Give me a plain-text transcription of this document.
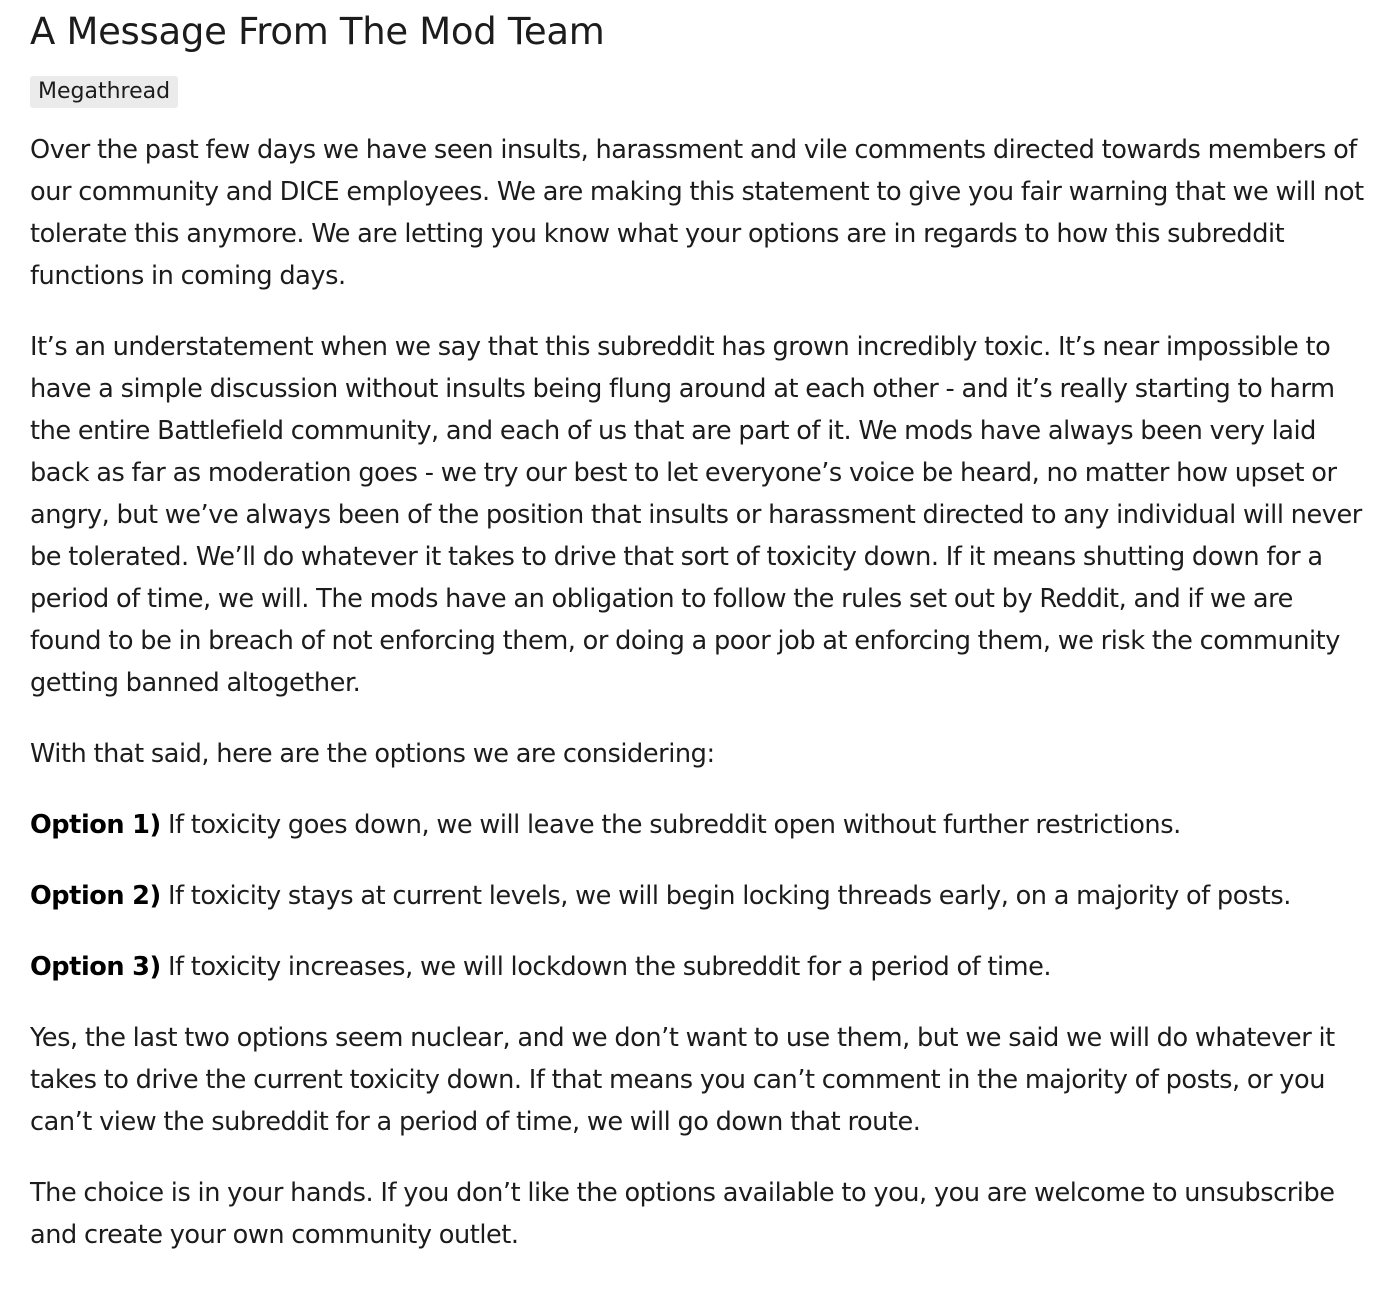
A Message From The Mod Team
Megathread

Over the past few days we have seen insults, harassment and vile comments directed towards members of our community and DICE employees. We are making this statement to give you fair warning that we will not tolerate this anymore. We are letting you know what your options are in regards to how this subreddit functions in coming days.

It’s an understatement when we say that this subreddit has grown incredibly toxic. It’s near impossible to have a simple discussion without insults being flung around at each other - and it’s really starting to harm the entire Battlefield community, and each of us that are part of it. We mods have always been very laid back as far as moderation goes - we try our best to let everyone’s voice be heard, no matter how upset or angry, but we’ve always been of the position that insults or harassment directed to any individual will never be tolerated. We’ll do whatever it takes to drive that sort of toxicity down. If it means shutting down for a period of time, we will. The mods have an obligation to follow the rules set out by Reddit, and if we are found to be in breach of not enforcing them, or doing a poor job at enforcing them, we risk the community getting banned altogether.

With that said, here are the options we are considering:

Option 1) If toxicity goes down, we will leave the subreddit open without further restrictions.

Option 2) If toxicity stays at current levels, we will begin locking threads early, on a majority of posts.

Option 3) If toxicity increases, we will lockdown the subreddit for a period of time.

Yes, the last two options seem nuclear, and we don’t want to use them, but we said we will do whatever it takes to drive the current toxicity down. If that means you can’t comment in the majority of posts, or you can’t view the subreddit for a period of time, we will go down that route.

The choice is in your hands. If you don’t like the options available to you, you are welcome to unsubscribe and create your own community outlet.
